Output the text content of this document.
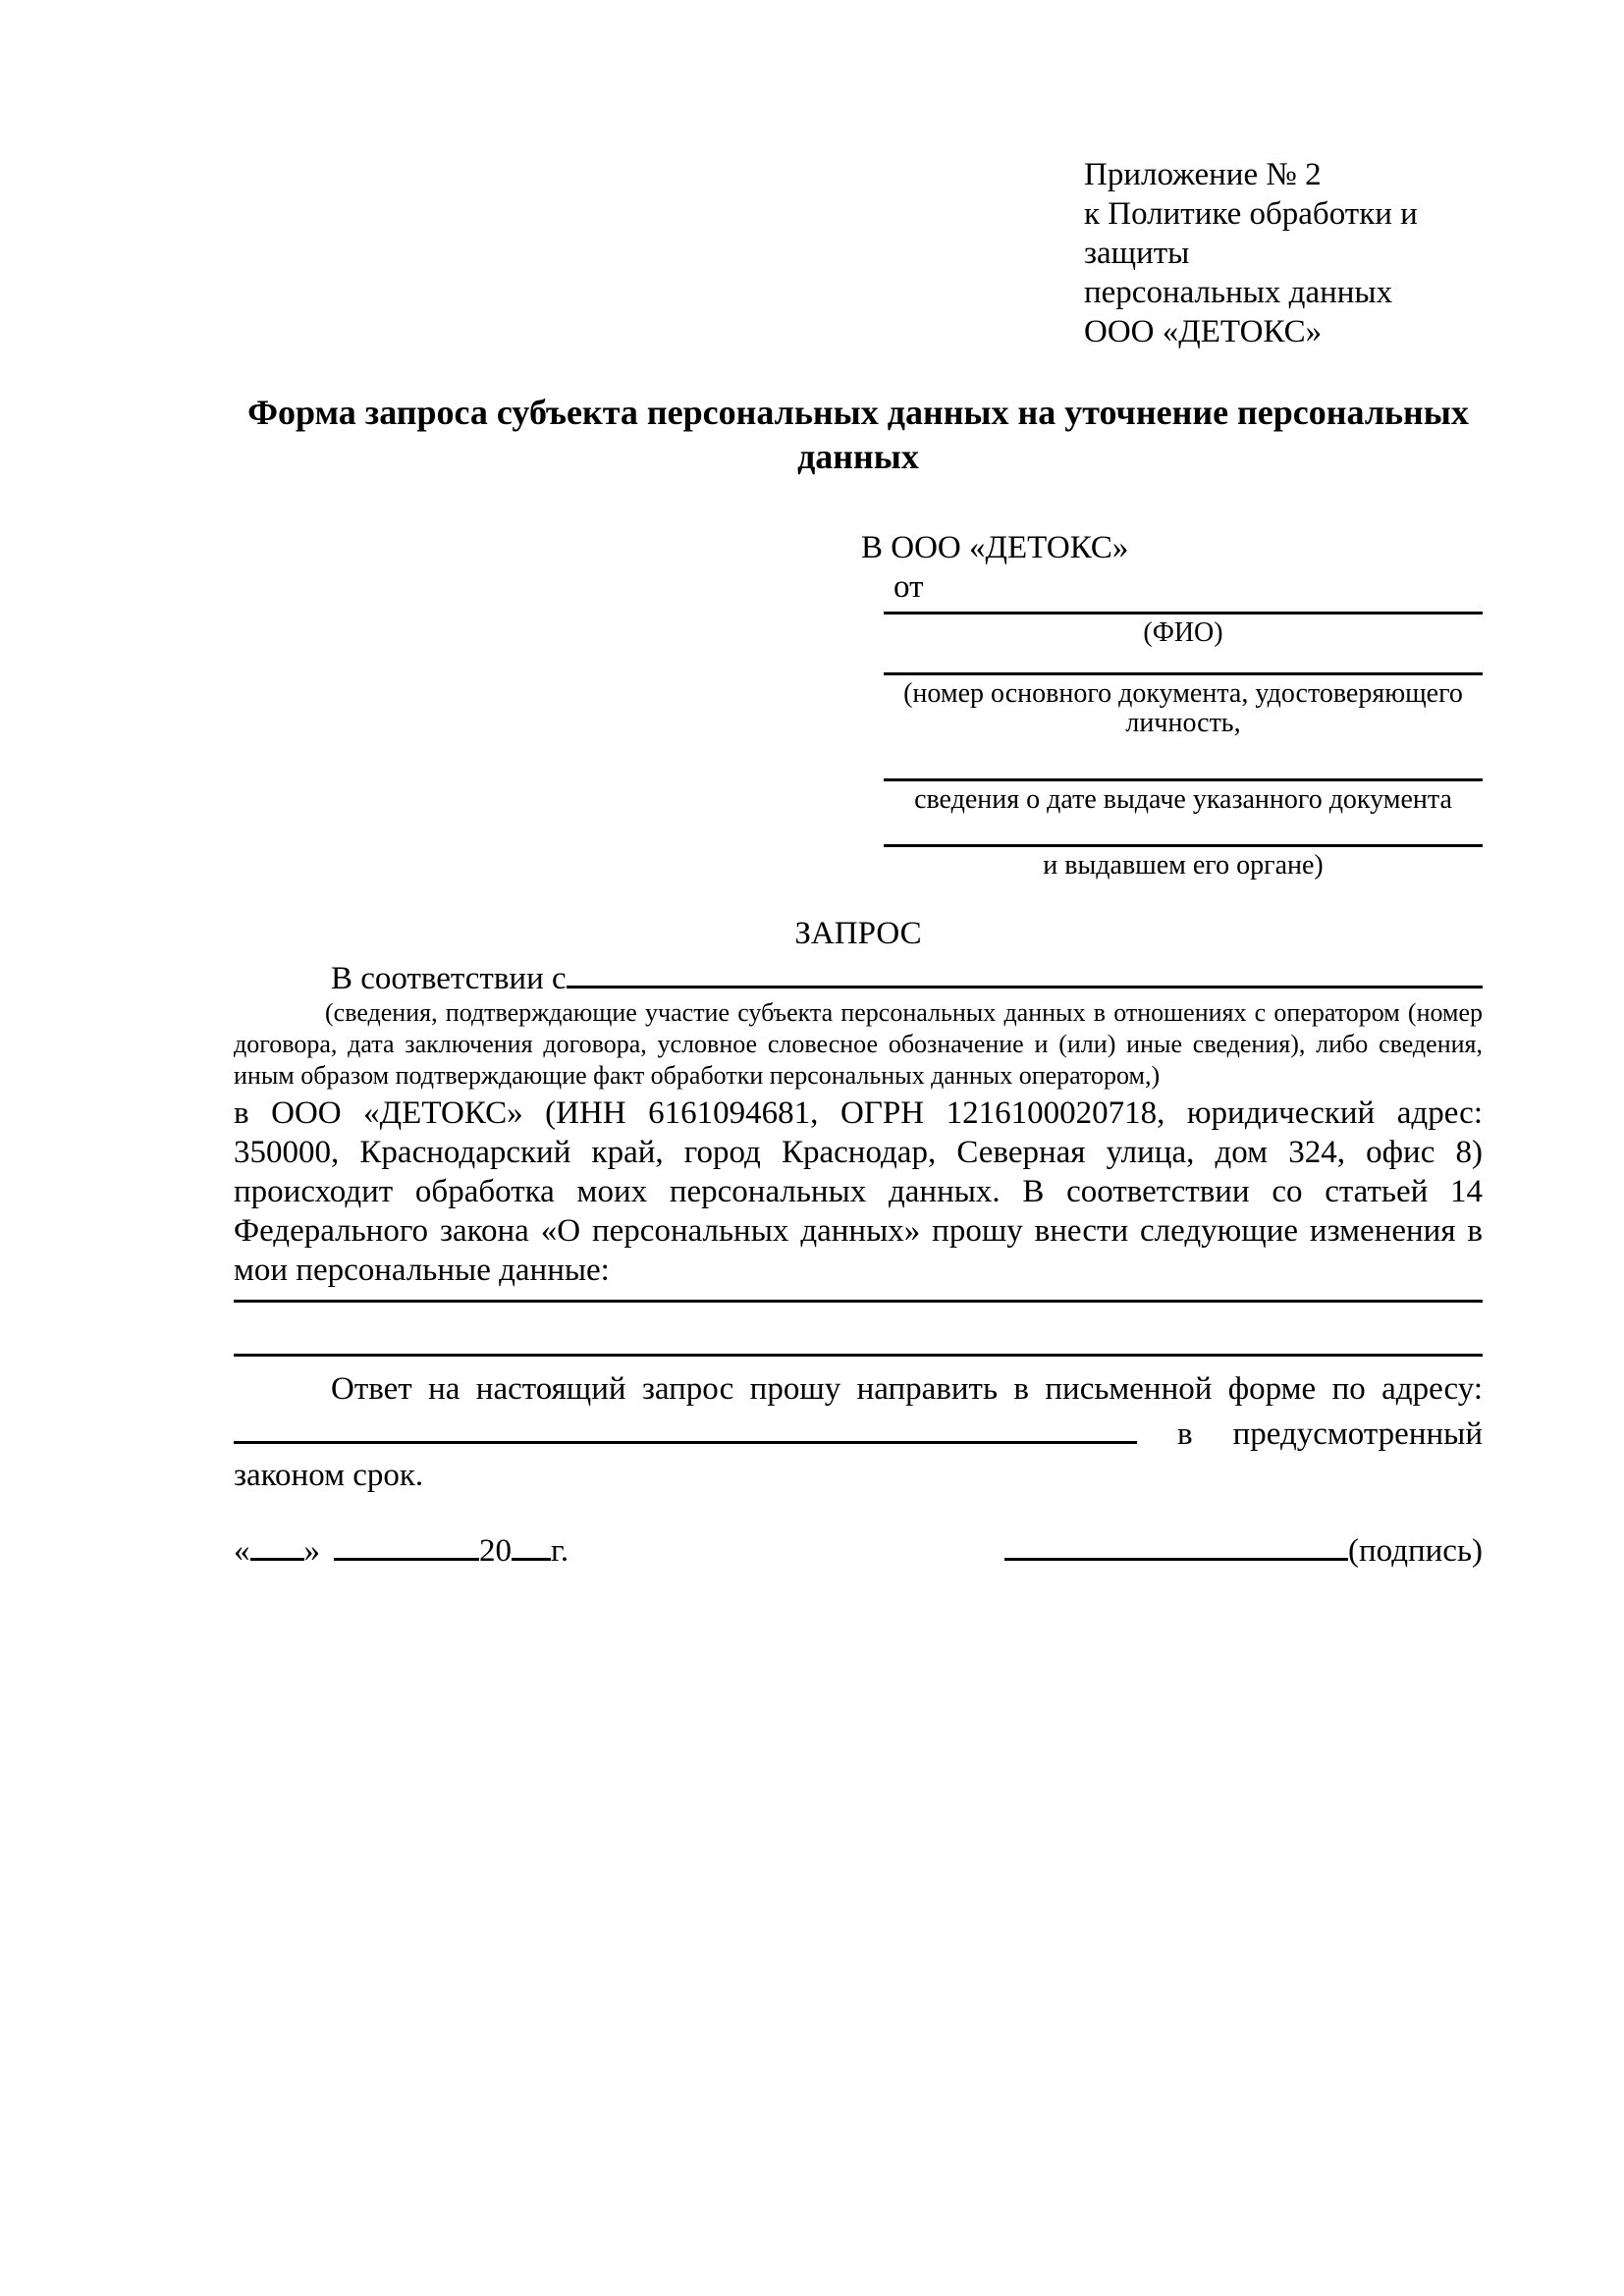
Приложение № 2
к Политике обработки и защиты
персональных данных
ООО «ДЕТОКС»
Форма запроса субъекта персональных данных на уточнение персональных данных
В ООО «ДЕТОКС»
от
(ФИО)
(номер основного документа, удостоверяющего личность,
сведения о дате выдаче указанного документа
и выдавшем его органе)
ЗАПРОС
В соответствии с
(сведения, подтверждающие участие субъекта персональных данных в отношениях с оператором (номер договора, дата заключения договора, условное словесное обозначение и (или) иные сведения), либо сведения, иным образом подтверждающие факт обработки персональных данных оператором,)
в ООО «ДЕТОКС» (ИНН 6161094681, ОГРН 1216100020718, юридический адрес: 350000, Краснодарский край, город Краснодар, Северная улица, дом 324, офис 8) происходит обработка моих персональных данных. В соответствии со статьей 14 Федерального закона «О персональных данных» прошу внести следующие изменения в мои персональные данные:
Ответ на настоящий запрос прошу направить в письменной форме по адресу:
в предусмотренный
законом срок.
« »	20 г.	(подпись)
